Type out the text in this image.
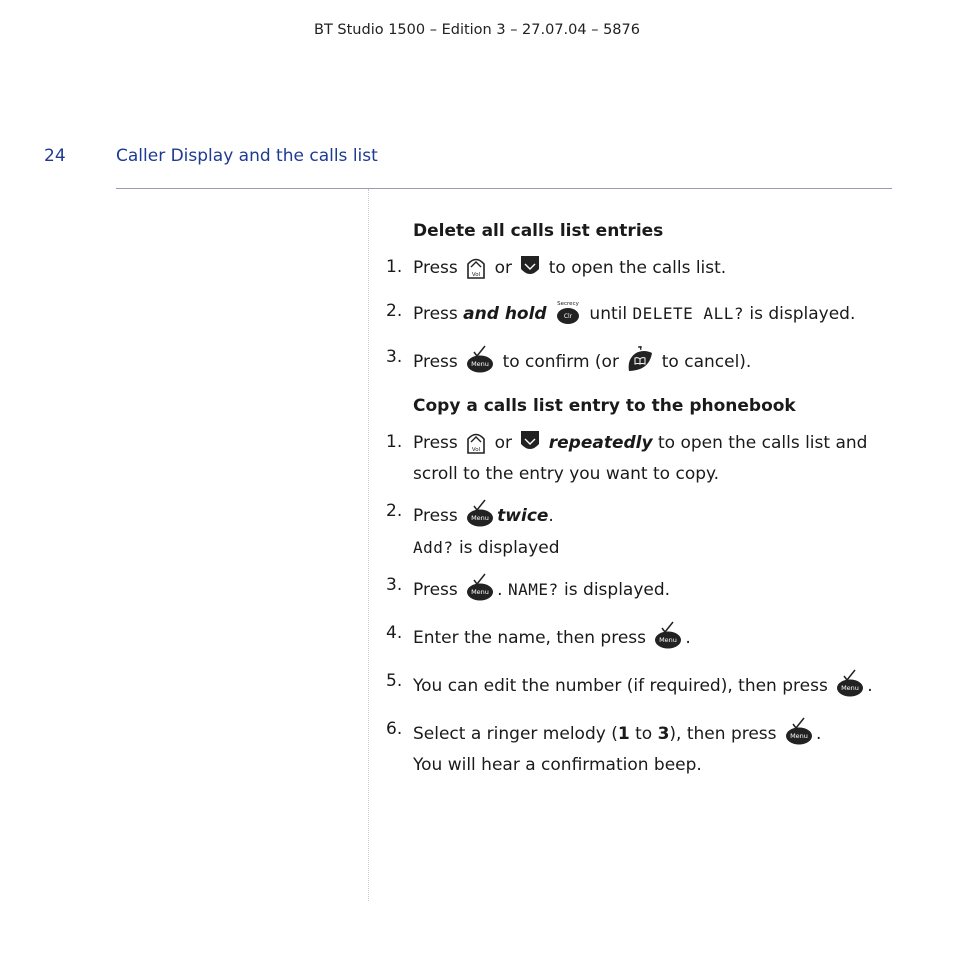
BT Studio 1500 – Edition 3 – 27.07.04 – 5876
24	Caller Display and the calls list
Delete all calls list entries
1. Press	Vol or to open the calls list.
2. Press and hold Secrecy
Clr until DELETE ALL? is displayed.
3. Press Menu to confirm (or	to cancel).
Copy a calls list entry to the phonebook
1. Press	Vol or repeatedly to open the calls list and scroll to the entry you want to copy.
2. Press Menu twice.
Add? is displayed
3. Press Menu . NAME? is displayed.
4. Enter the name, then press Menu .
5. You can edit the number (if required), then press Menu .
6. Select a ringer melody (1 to 3), then press Menu .
You will hear a confirmation beep.
